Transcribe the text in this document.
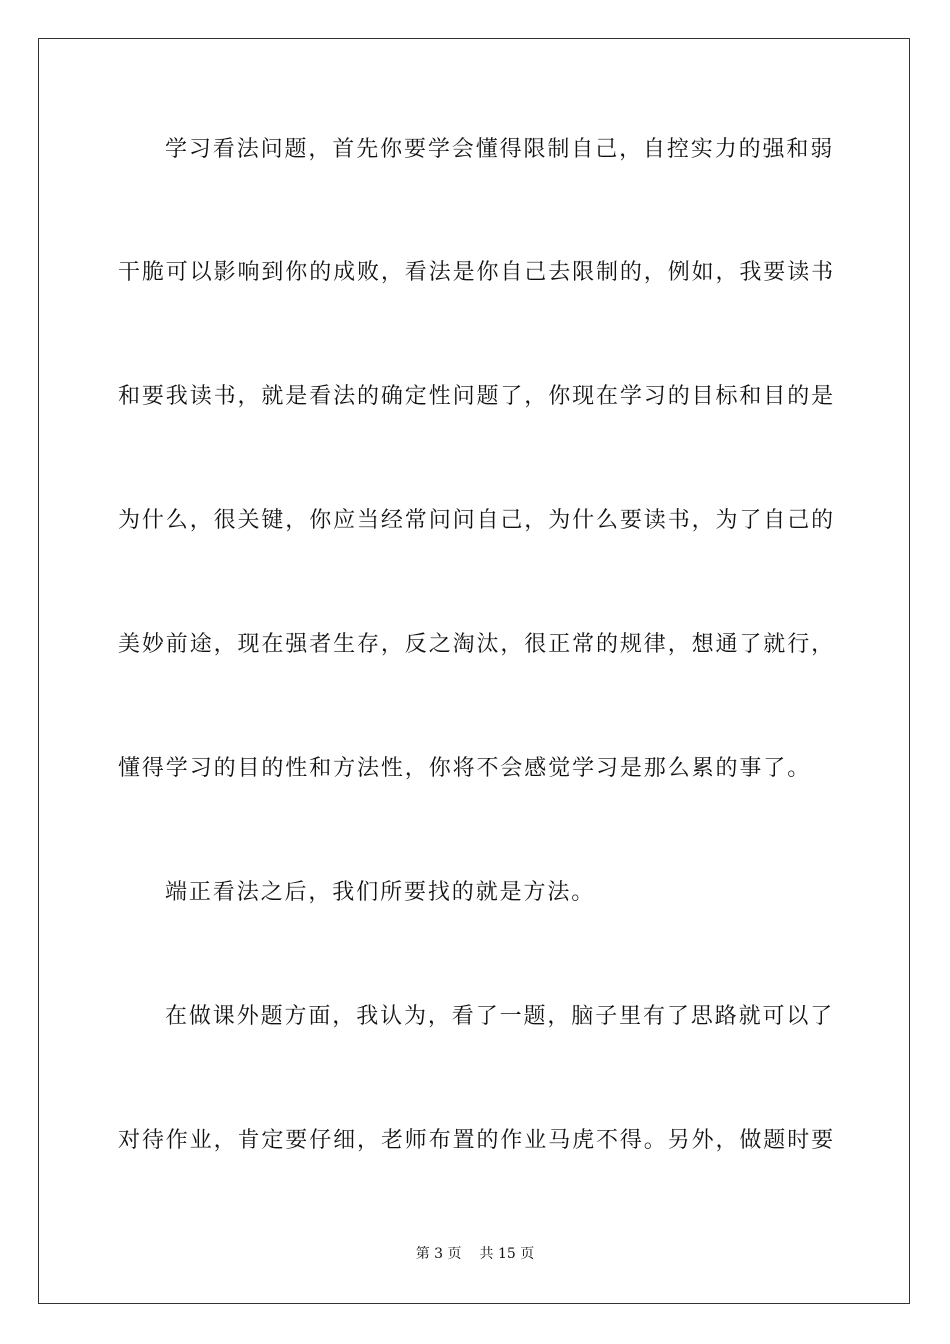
学习看法问题，首先你要学会懂得限制自己，自控实力的强和弱
干脆可以影响到你的成败，看法是你自己去限制的，例如，我要读书
和要我读书，就是看法的确定性问题了，你现在学习的目标和目的是
为什么，很关键，你应当经常问问自己，为什么要读书，为了自己的
美妙前途，现在强者生存，反之淘汰，很正常的规律，想通了就行，
懂得学习的目的性和方法性，你将不会感觉学习是那么累的事了。
端正看法之后，我们所要找的就是方法。
在做课外题方面，我认为，看了一题，脑子里有了思路就可以了
对待作业，肯定要仔细，老师布置的作业马虎不得。另外，做题时要
第 3 页 共 15 页
